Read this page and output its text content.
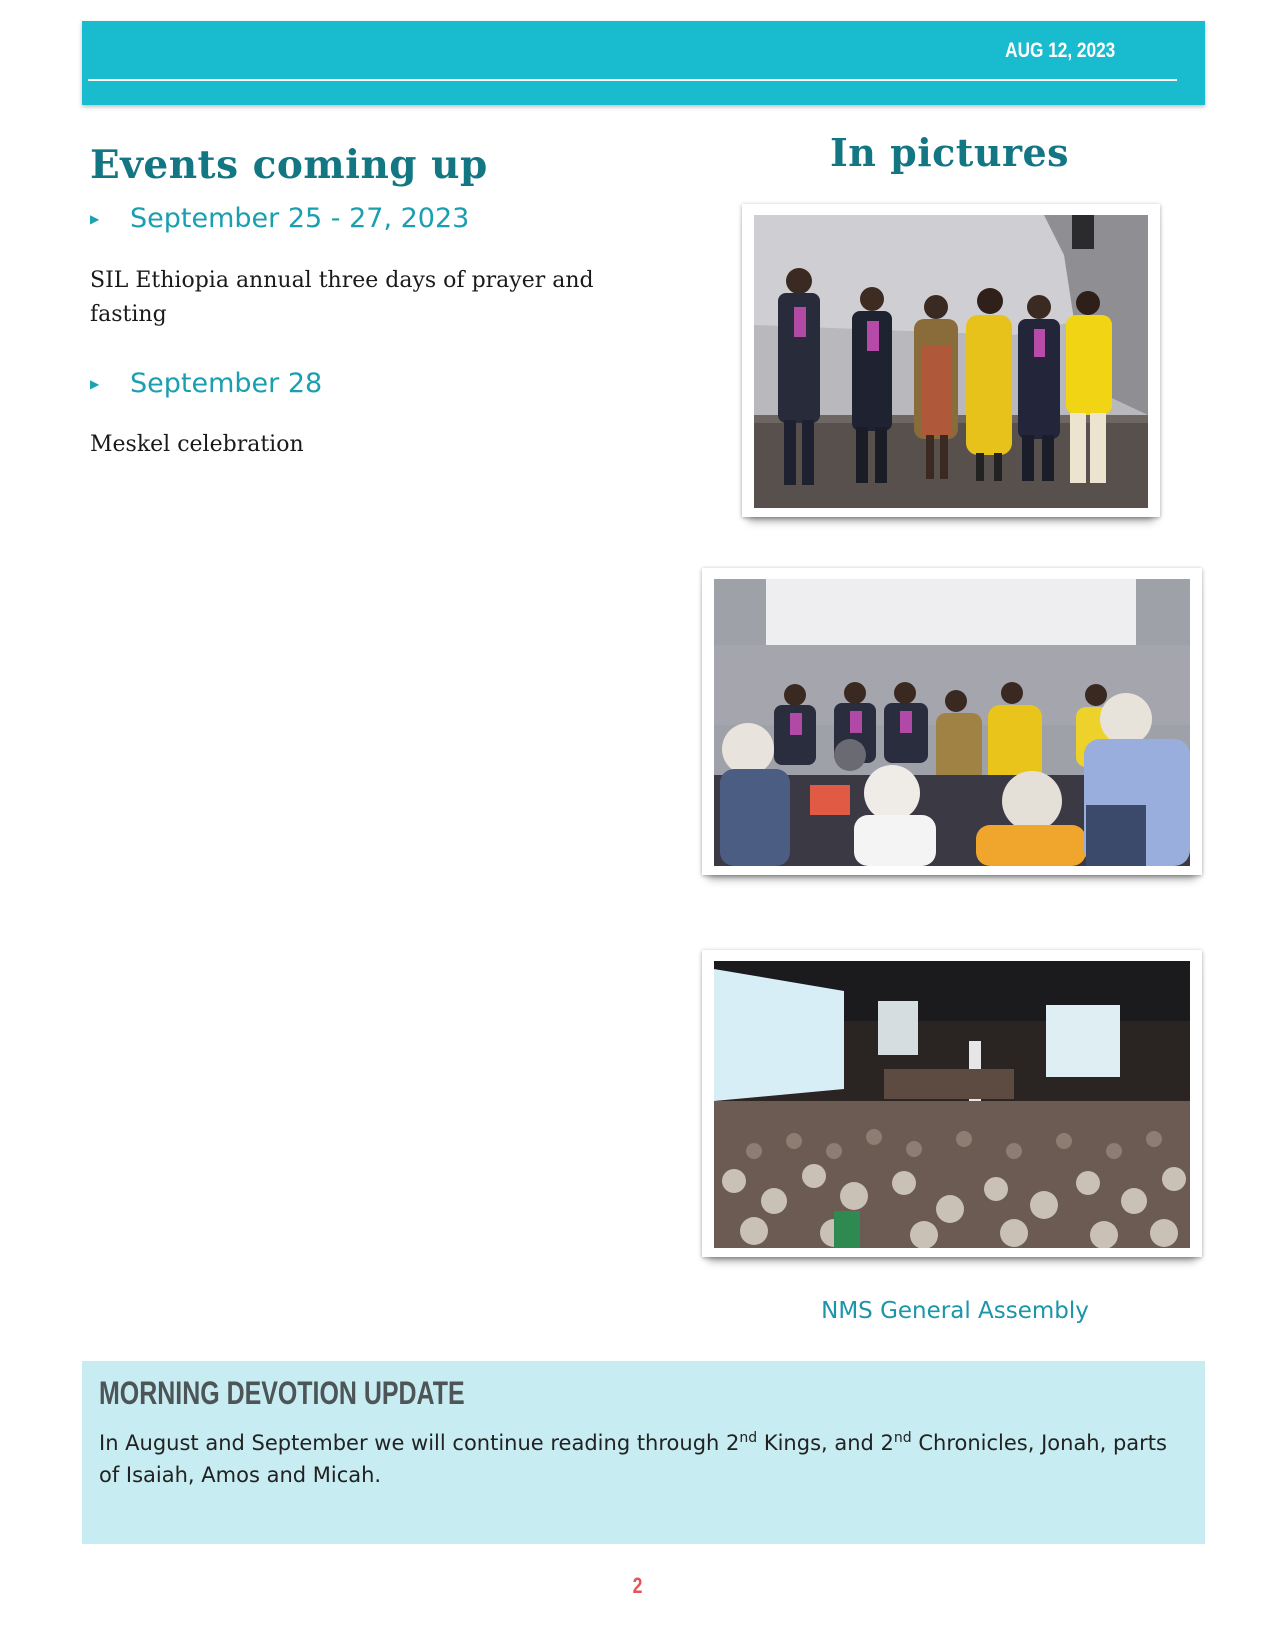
AUG 12, 2023
Events coming up
▶	September 25 - 27, 2023
SIL Ethiopia annual three days of prayer and fasting
▶	September 28
Meskel celebration
In pictures
NMS General Assembly
MORNING DEVOTION UPDATE
In August and September we will continue reading through 2nd Kings, and 2nd Chronicles, Jonah, parts of Isaiah, Amos and Micah.
2
